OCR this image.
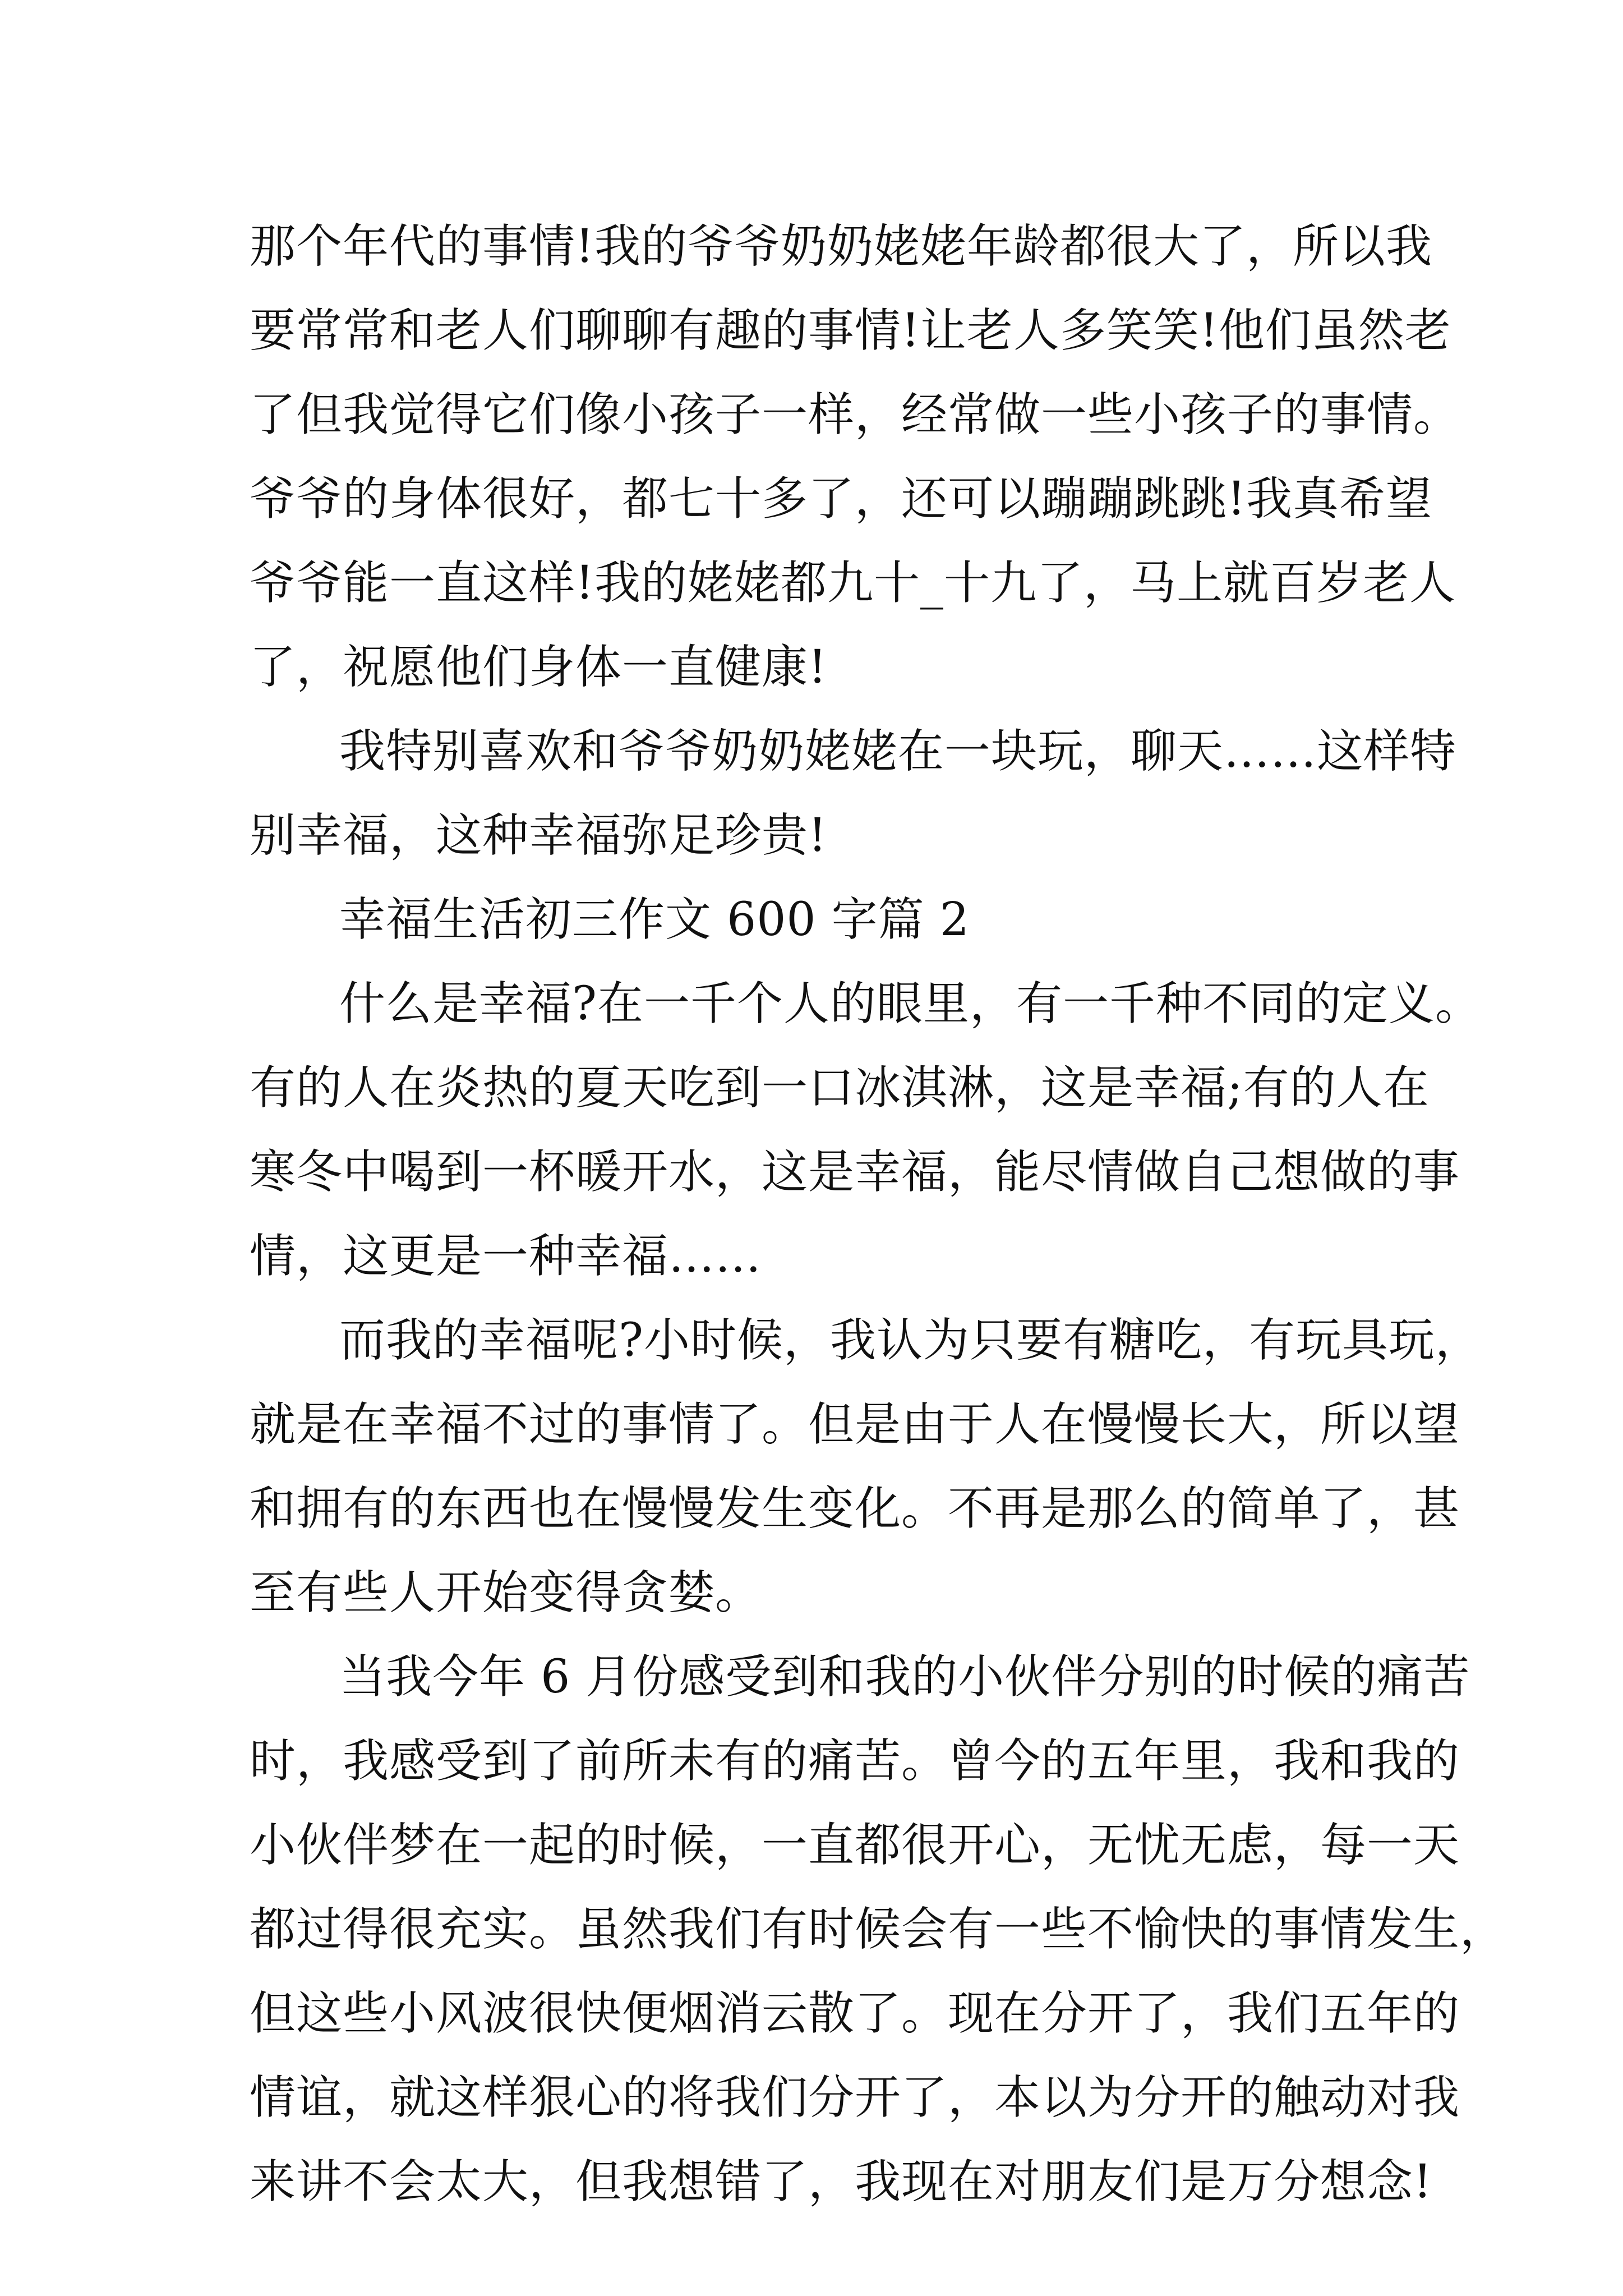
那个年代的事情!我的爷爷奶奶姥姥年龄都很大了，所以我
要常常和老人们聊聊有趣的事情!让老人多笑笑!他们虽然老
了但我觉得它们像小孩子一样，经常做一些小孩子的事情。
爷爷的身体很好，都七十多了，还可以蹦蹦跳跳!我真希望
爷爷能一直这样!我的姥姥都九十_十九了，马上就百岁老人
了，祝愿他们身体一直健康!
我特别喜欢和爷爷奶奶姥姥在一块玩，聊天……这样特
别幸福，这种幸福弥足珍贵!
幸福生活初三作文 600 字篇 2
什么是幸福?在一千个人的眼里，有一千种不同的定义。
有的人在炎热的夏天吃到一口冰淇淋，这是幸福;有的人在
寒冬中喝到一杯暖开水，这是幸福，能尽情做自己想做的事
情，这更是一种幸福……
而我的幸福呢?小时候，我认为只要有糖吃，有玩具玩，
就是在幸福不过的事情了。但是由于人在慢慢长大，所以望
和拥有的东西也在慢慢发生变化。不再是那么的简单了，甚
至有些人开始变得贪婪。
当我今年 6 月份感受到和我的小伙伴分别的时候的痛苦
时，我感受到了前所未有的痛苦。曾今的五年里，我和我的
小伙伴梦在一起的时候，一直都很开心，无忧无虑，每一天
都过得很充实。虽然我们有时候会有一些不愉快的事情发生，
但这些小风波很快便烟消云散了。现在分开了，我们五年的
情谊，就这样狠心的将我们分开了，本以为分开的触动对我
来讲不会太大，但我想错了，我现在对朋友们是万分想念!
